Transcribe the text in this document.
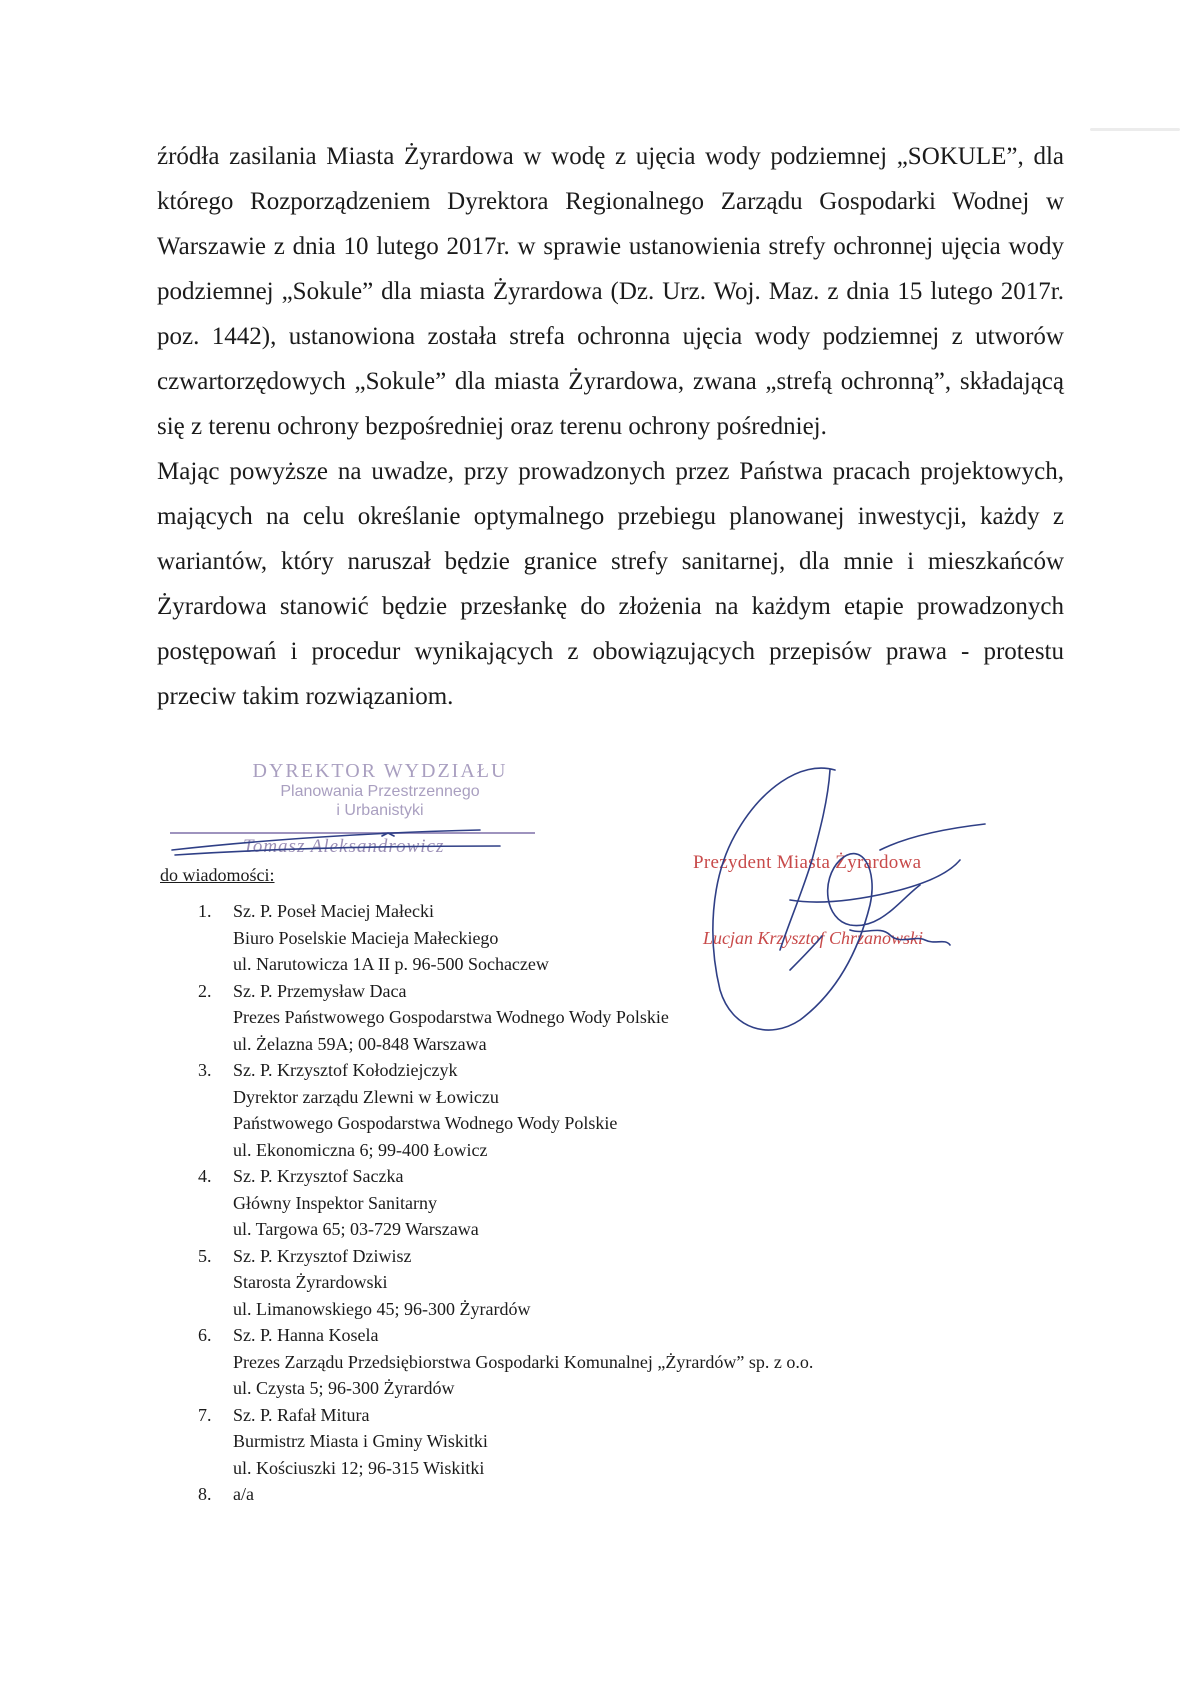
źródła zasilania Miasta Żyrardowa w wodę z ujęcia wody podziemnej „SOKULE”, dla którego Rozporządzeniem Dyrektora Regionalnego Zarządu Gospodarki Wodnej w Warszawie z dnia 10 lutego 2017r. w sprawie ustanowienia strefy ochronnej ujęcia wody podziemnej „Sokule” dla miasta Żyrardowa (Dz. Urz. Woj. Maz. z dnia 15 lutego 2017r. poz. 1442), ustanowiona została strefa ochronna ujęcia wody podziemnej z utworów czwartorzędowych „Sokule” dla miasta Żyrardowa, zwana „strefą ochronną”, składającą się z terenu ochrony bezpośredniej oraz terenu ochrony pośredniej.

Mając powyższe na uwadze, przy prowadzonych przez Państwa pracach projektowych, mających na celu określanie optymalnego przebiegu planowanej inwestycji, każdy z wariantów, który naruszał będzie granice strefy sanitarnej, dla mnie i mieszkańców Żyrardowa stanowić będzie przesłankę do złożenia na każdym etapie prowadzonych postępowań i procedur wynikających z obowiązujących przepisów prawa - protestu przeciw takim rozwiązaniom.

DYREKTOR WYDZIAŁU
Planowania Przestrzennego
i Urbanistyki
Tomasz Aleksandrowicz
Prezydent Miasta Żyrardowa
Lucjan Krzysztof Chrzanowski
do wiadomości:
1.	Sz. P. Poseł Maciej Małecki
Biuro Poselskie Macieja Małeckiego
ul. Narutowicza 1A II p. 96-500 Sochaczew
2.	Sz. P. Przemysław Daca
Prezes Państwowego Gospodarstwa Wodnego Wody Polskie
ul. Żelazna 59A; 00-848 Warszawa
3.	Sz. P. Krzysztof Kołodziejczyk
Dyrektor zarządu Zlewni w Łowiczu
Państwowego Gospodarstwa Wodnego Wody Polskie
ul. Ekonomiczna 6; 99-400 Łowicz
4.	Sz. P. Krzysztof Saczka
Główny Inspektor Sanitarny
ul. Targowa 65; 03-729 Warszawa
5.	Sz. P. Krzysztof Dziwisz
Starosta Żyrardowski
ul. Limanowskiego 45; 96-300 Żyrardów
6.	Sz. P. Hanna Kosela
Prezes Zarządu Przedsiębiorstwa Gospodarki Komunalnej „Żyrardów” sp. z o.o.
ul. Czysta 5; 96-300 Żyrardów
7.	Sz. P. Rafał Mitura
Burmistrz Miasta i Gminy Wiskitki
ul. Kościuszki 12; 96-315 Wiskitki
8.	a/a
